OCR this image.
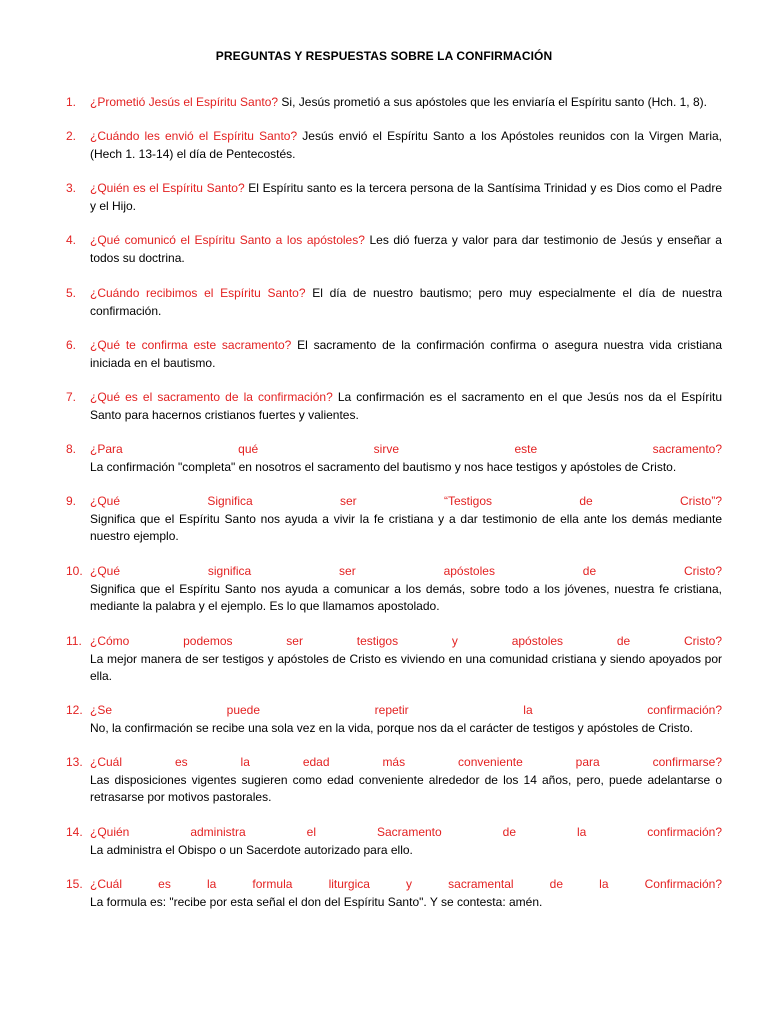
PREGUNTAS Y RESPUESTAS SOBRE LA CONFIRMACIÓN
1. ¿Prometió Jesús el Espíritu Santo? Si, Jesús prometió a sus apóstoles que les enviaría el Espíritu santo (Hch. 1, 8).
2. ¿Cuándo les envió el Espíritu Santo? Jesús envió el Espíritu Santo a los Apóstoles reunidos con la Virgen Maria, (Hech 1. 13-14) el día de Pentecostés.
3. ¿Quién es el Espíritu Santo? El Espíritu santo es la tercera persona de la Santísima Trinidad y es Dios como el Padre y el Hijo.
4. ¿Qué comunicó el Espíritu Santo a los apóstoles? Les dió fuerza y valor para dar testimonio de Jesús y enseñar a todos su doctrina.
5. ¿Cuándo recibimos el Espíritu Santo? El día de nuestro bautismo; pero muy especialmente el día de nuestra confirmación.
6. ¿Qué te confirma este sacramento? El sacramento de la confirmación confirma o asegura nuestra vida cristiana iniciada en el bautismo.
7. ¿Qué es el sacramento de la confirmación? La confirmación es el sacramento en el que Jesús nos da el Espíritu Santo para hacernos cristianos fuertes y valientes.
8. ¿Para qué sirve este sacramento?
La confirmación "completa" en nosotros el sacramento del bautismo y nos hace testigos y apóstoles de Cristo.
9. ¿Qué Significa ser “Testigos de Cristo”?
Significa que el Espíritu Santo nos ayuda a vivir la fe cristiana y a dar testimonio de ella ante los demás mediante nuestro ejemplo.
10. ¿Qué significa ser apóstoles de Cristo?
Significa que el Espíritu Santo nos ayuda a comunicar a los demás, sobre todo a los jóvenes, nuestra fe cristiana, mediante la palabra y el ejemplo. Es lo que llamamos apostolado.
11. ¿Cómo podemos ser testigos y apóstoles de Cristo?
La mejor manera de ser testigos y apóstoles de Cristo es viviendo en una comunidad cristiana y siendo apoyados por ella.
12. ¿Se puede repetir la confirmación?
No, la confirmación se recibe una sola vez en la vida, porque nos da el carácter de testigos y apóstoles de Cristo.
13. ¿Cuál es la edad más conveniente para confirmarse?
Las disposiciones vigentes sugieren como edad conveniente alrededor de los 14 años, pero, puede adelantarse o retrasarse por motivos pastorales.
14. ¿Quién administra el Sacramento de la confirmación?
La administra el Obispo o un Sacerdote autorizado para ello.
15. ¿Cuál es la formula liturgica y sacramental de la Confirmación?
La formula es: "recibe por esta señal el don del Espíritu Santo". Y se contesta: amén.
